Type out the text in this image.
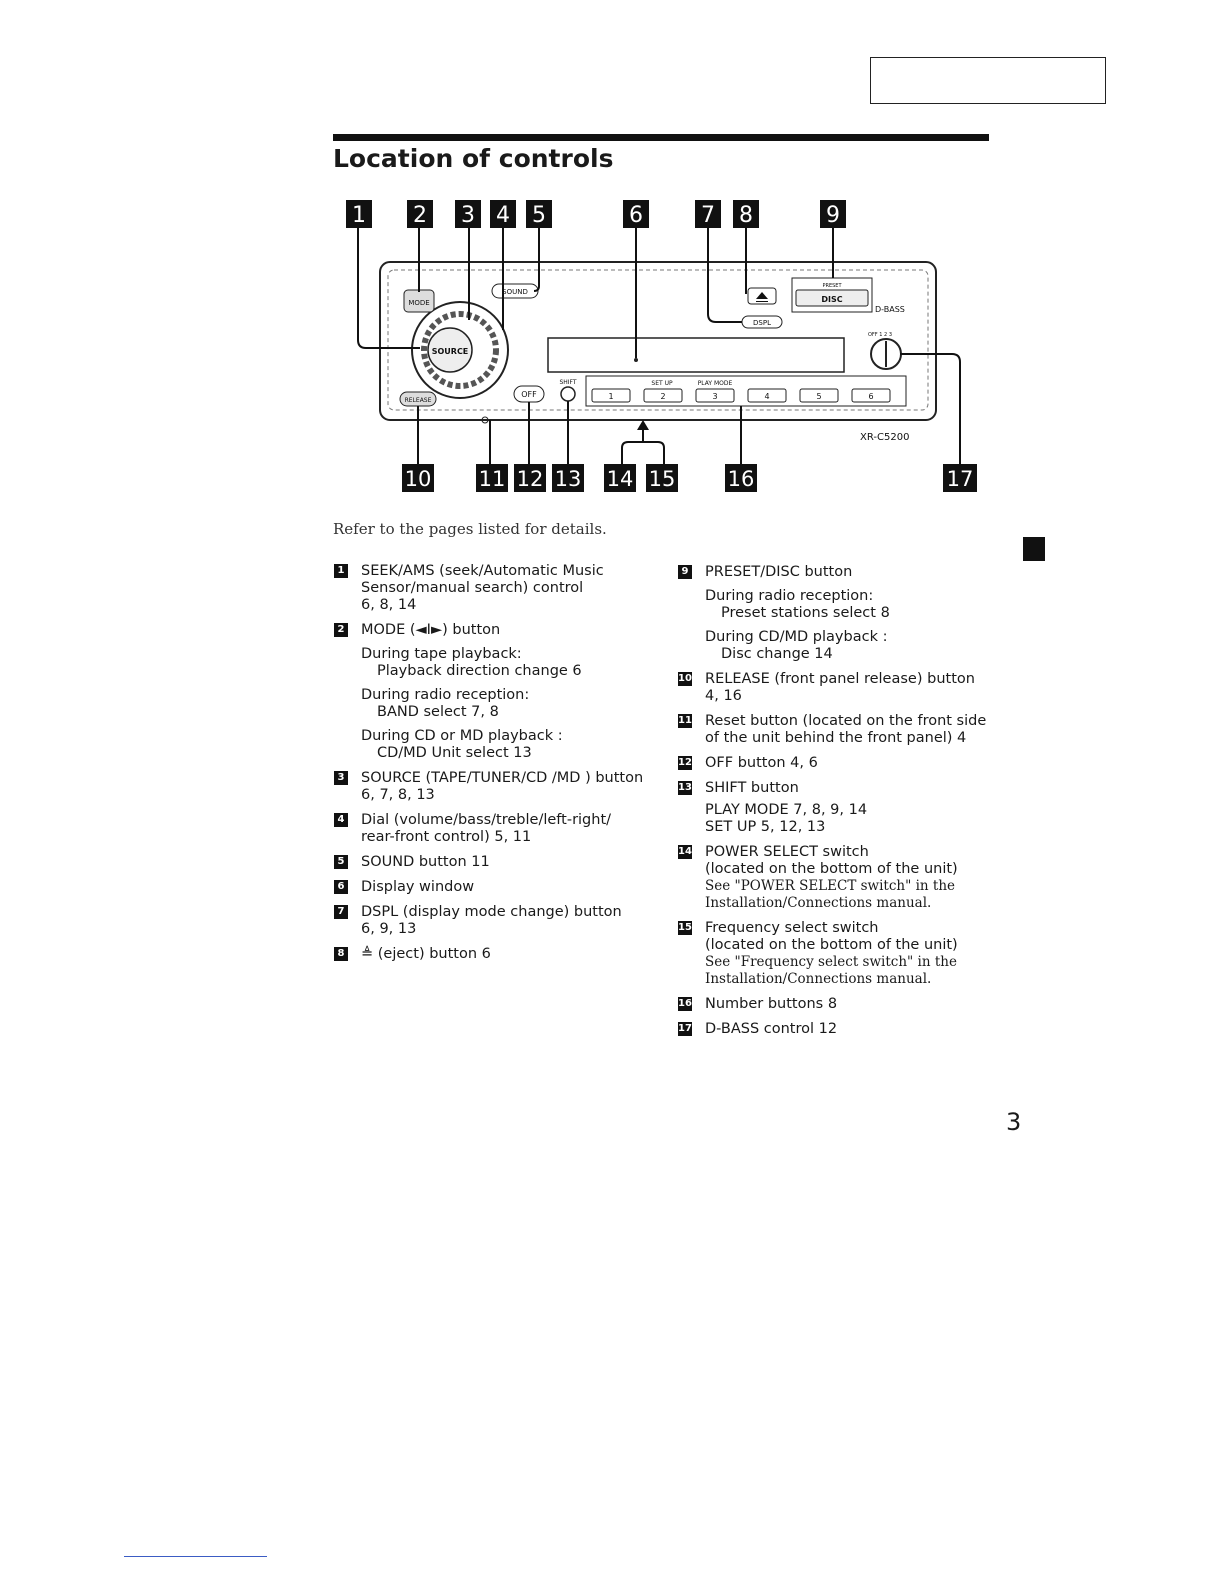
Location of controls
SOURCE
MODE
SOUND
RELEASE
OFF
SHIFT	SET UP	PLAY MODE
1	2	3	4	5	6
DSPL
PRESET
DISC
D-BASS
OFF 1 2 3
XR-C5200
1 2 3 4 5	6	7 8	9
10 11 12 13 14 15 16	17

Refer to the pages listed for details.

1 SEEK/AMS (seek/Automatic Music
Sensor/manual search) control
6, 8, 14
2 MODE (◄I►) button
During tape playback:
Playback direction change 6
During radio reception:
BAND select 7, 8
During CD or MD playback :
CD/MD Unit select 13
3 SOURCE (TAPE/TUNER/CD /MD ) button
6, 7, 8, 13
4 Dial (volume/bass/treble/left-right/
rear-front control) 5, 11
5 SOUND button 11
6 Display window
7 DSPL (display mode change) button
6, 9, 13
8 ≜ (eject) button 6
9 PRESET/DISC button
During radio reception:
Preset stations select 8
During CD/MD playback :
Disc change 14
10 RELEASE (front panel release) button
4, 16
11 Reset button (located on the front side
of the unit behind the front panel) 4
12 OFF button 4, 6
13 SHIFT button
PLAY MODE 7, 8, 9, 14
SET UP 5, 12, 13
14 POWER SELECT switch
(located on the bottom of the unit)
See "POWER SELECT switch" in the
Installation/Connections manual.
15 Frequency select switch
(located on the bottom of the unit)
See "Frequency select switch" in the
Installation/Connections manual.
16 Number buttons 8
17 D-BASS control 12

3
